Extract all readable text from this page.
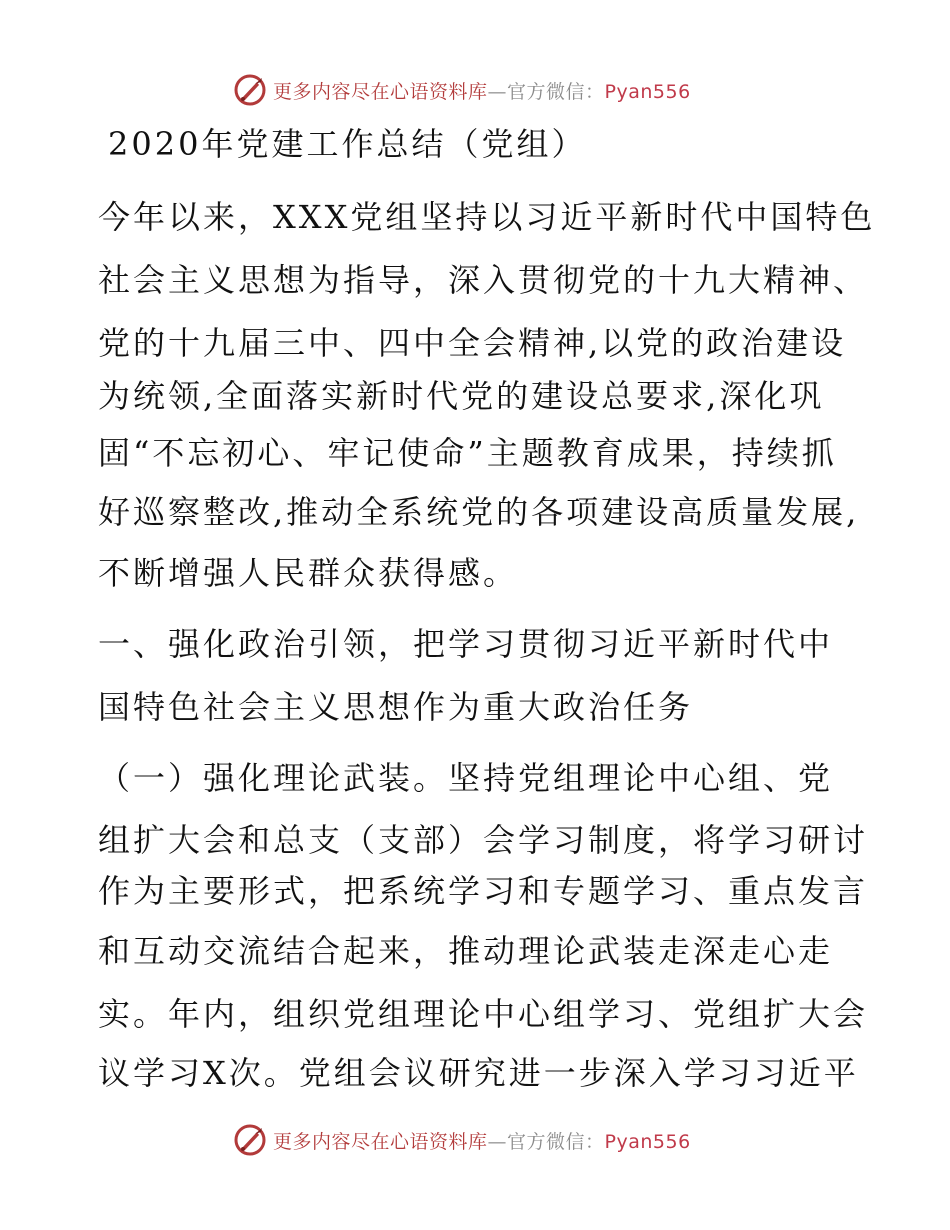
更多内容尽在心语资料库—官方微信：Pyan556
2020年党建工作总结（党组）

今年以来，XXX党组坚持以习近平新时代中国特色

社会主义思想为指导，深入贯彻党的十九大精神、

党的十九届三中、四中全会精神,以党的政治建设

为统领,全面落实新时代党的建设总要求,深化巩

固“不忘初心、牢记使命”主题教育成果，持续抓

好巡察整改,推动全系统党的各项建设高质量发展,

不断增强人民群众获得感。

一、强化政治引领，把学习贯彻习近平新时代中

国特色社会主义思想作为重大政治任务

（一）强化理论武装。坚持党组理论中心组、党

组扩大会和总支（支部）会学习制度，将学习研讨

作为主要形式，把系统学习和专题学习、重点发言

和互动交流结合起来，推动理论武装走深走心走

实。年内，组织党组理论中心组学习、党组扩大会

议学习X次。党组会议研究进一步深入学习习近平

更多内容尽在心语资料库—官方微信：Pyan556
